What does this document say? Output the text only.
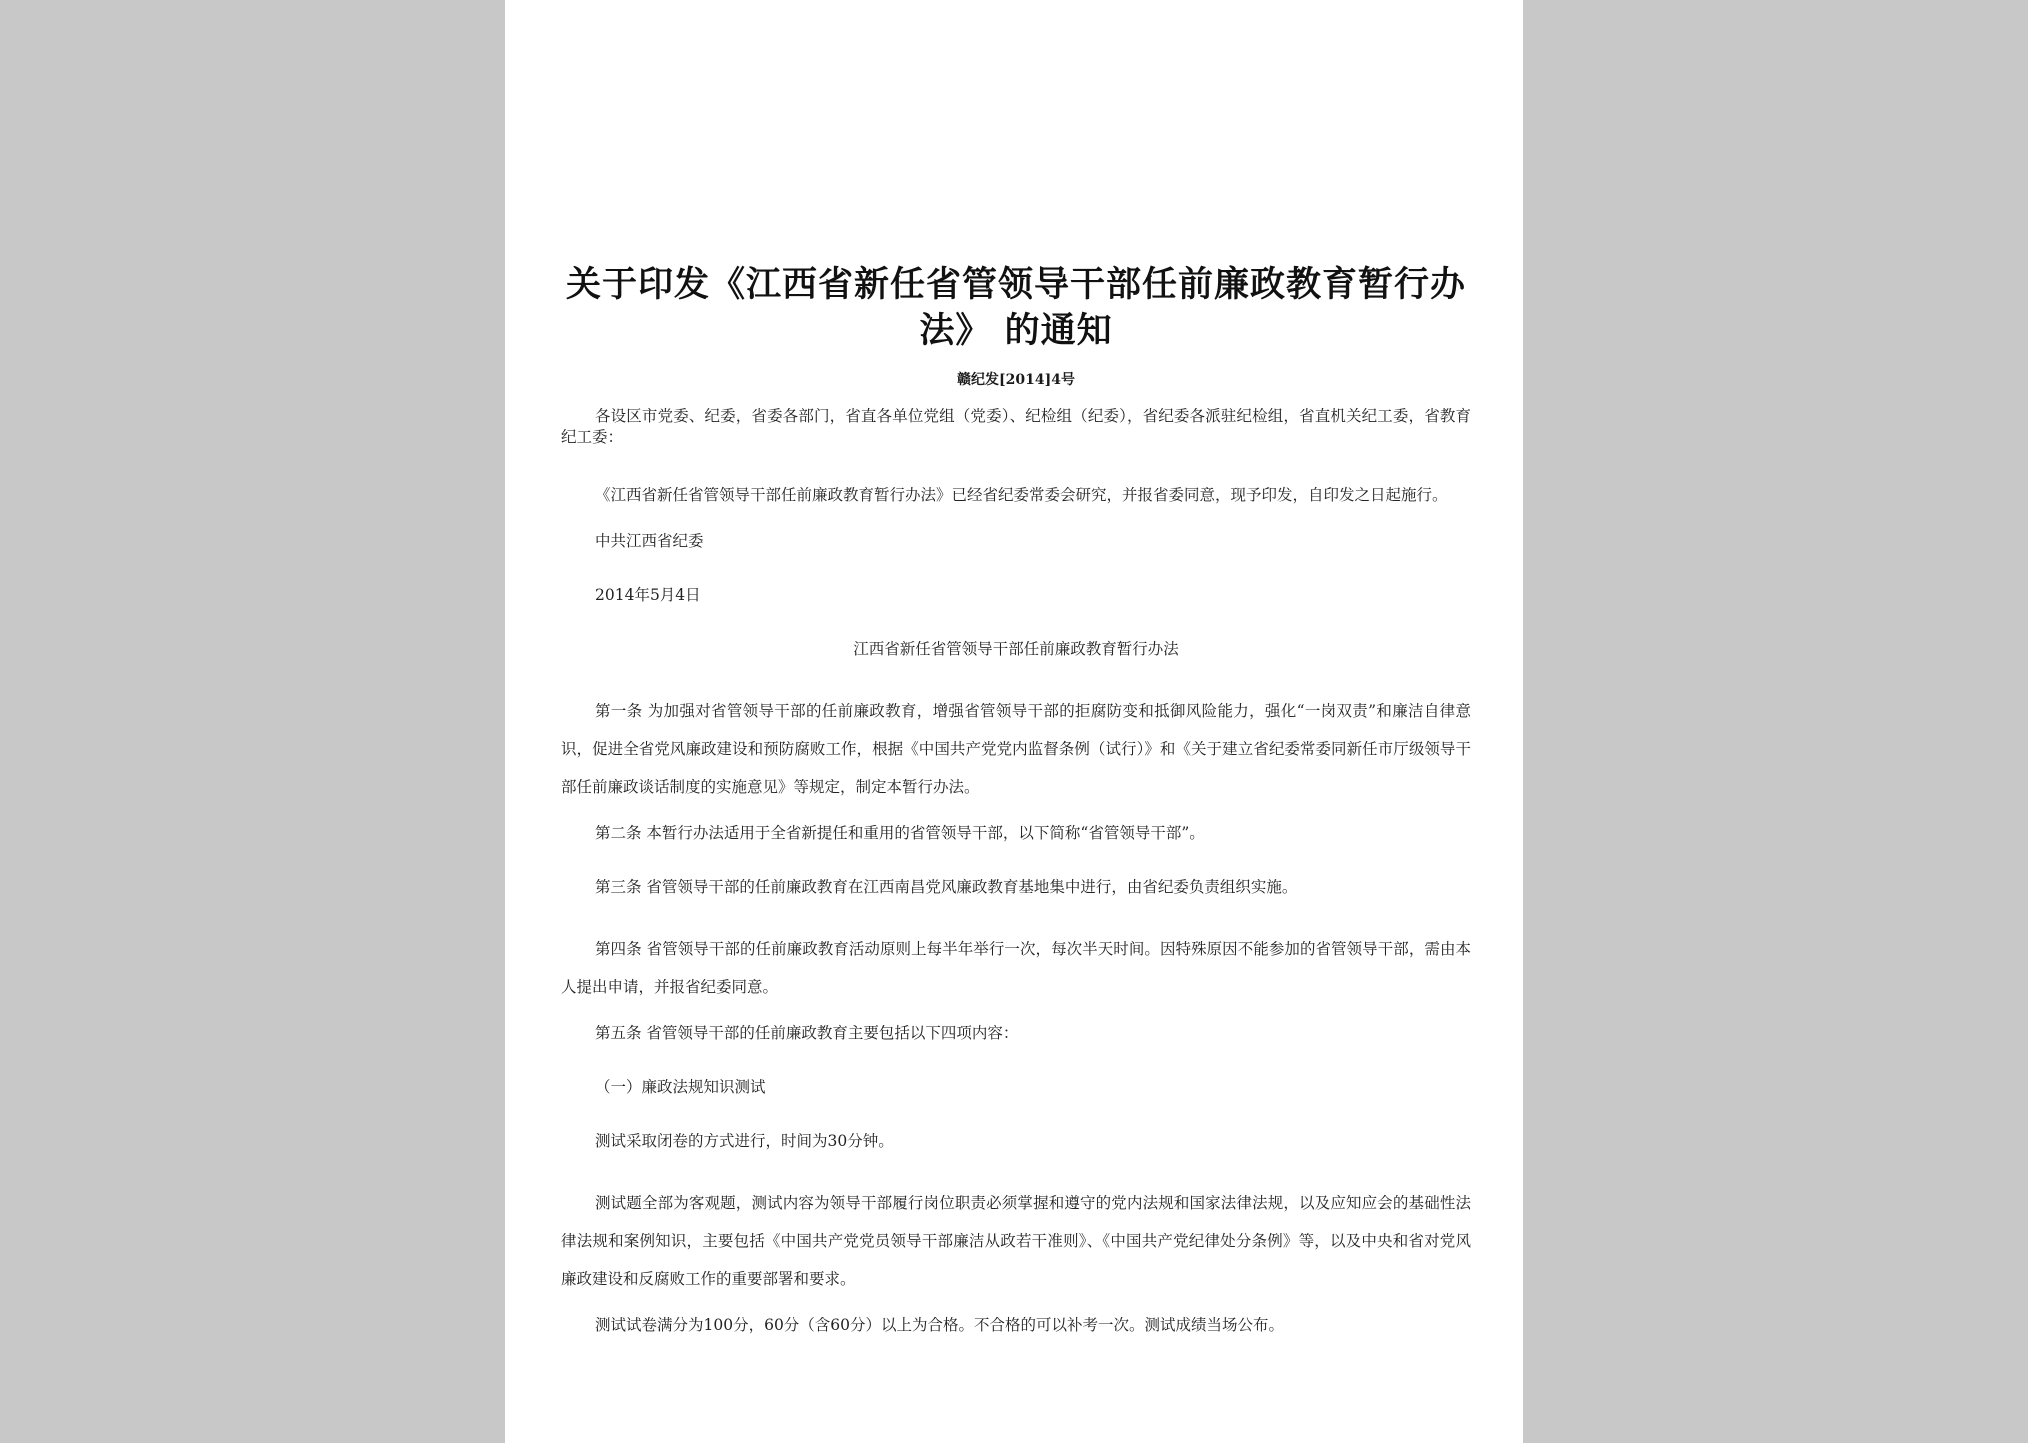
关于印发《江西省新任省管领导干部任前廉政教育暂行办法》 的通知

赣纪发[2014]4号

各设区市党委、纪委，省委各部门，省直各单位党组（党委）、纪检组（纪委），省纪委各派驻纪检组，省直机关纪工委，省教育纪工委：

《江西省新任省管领导干部任前廉政教育暂行办法》已经省纪委常委会研究，并报省委同意，现予印发，自印发之日起施行。

中共江西省纪委

2014年5月4日

江西省新任省管领导干部任前廉政教育暂行办法

第一条 为加强对省管领导干部的任前廉政教育，增强省管领导干部的拒腐防变和抵御风险能力，强化“一岗双责”和廉洁自律意识，促进全省党风廉政建设和预防腐败工作，根据《中国共产党党内监督条例（试行）》和《关于建立省纪委常委同新任市厅级领导干部任前廉政谈话制度的实施意见》等规定，制定本暂行办法。

第二条 本暂行办法适用于全省新提任和重用的省管领导干部，以下简称“省管领导干部”。

第三条 省管领导干部的任前廉政教育在江西南昌党风廉政教育基地集中进行，由省纪委负责组织实施。

第四条 省管领导干部的任前廉政教育活动原则上每半年举行一次，每次半天时间。因特殊原因不能参加的省管领导干部，需由本人提出申请，并报省纪委同意。

第五条 省管领导干部的任前廉政教育主要包括以下四项内容：

（一）廉政法规知识测试

测试采取闭卷的方式进行，时间为30分钟。

测试题全部为客观题，测试内容为领导干部履行岗位职责必须掌握和遵守的党内法规和国家法律法规，以及应知应会的基础性法律法规和案例知识，主要包括《中国共产党党员领导干部廉洁从政若干准则》、《中国共产党纪律处分条例》等，以及中央和省对党风廉政建设和反腐败工作的重要部署和要求。

测试试卷满分为100分，60分（含60分）以上为合格。不合格的可以补考一次。测试成绩当场公布。
